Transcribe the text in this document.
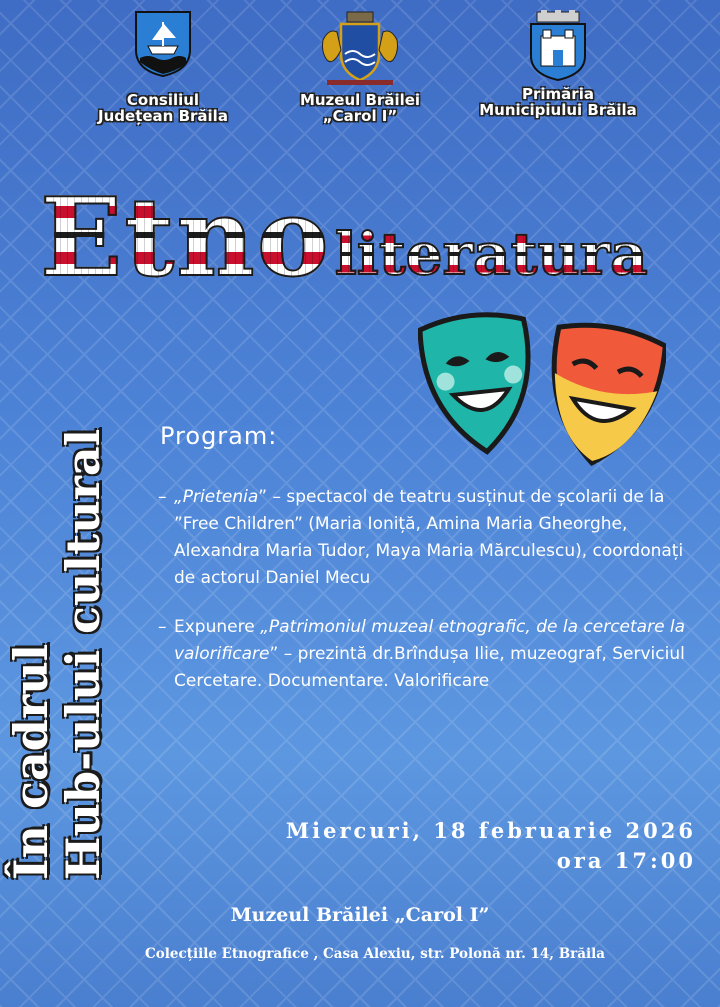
Consiliul
Județean Brăila
Muzeul Brăilei
„Carol I”
Primăria
Municipiului Brăila
Etno literatura
În cadrul
Hub-ului cultural Program:
– „Prietenia” – spectacol de teatru susținut de școlarii de la ”Free Children” (Maria Ioniță, Amina Maria Gheorghe, Alexandra Maria Tudor, Maya Maria Mărculescu), coordonați de actorul Daniel Mecu
– Expunere „Patrimoniul muzeal etnografic, de la cercetare la valorificare” – prezintă dr.Brîndușa Ilie, muzeograf, Serviciul Cercetare. Documentare. Valorificare
Miercuri, 18 februarie 2026
ora 17:00
Muzeul Brăilei „Carol I”
Colecțiile Etnografice , Casa Alexiu, str. Polonă nr. 14, Brăila
